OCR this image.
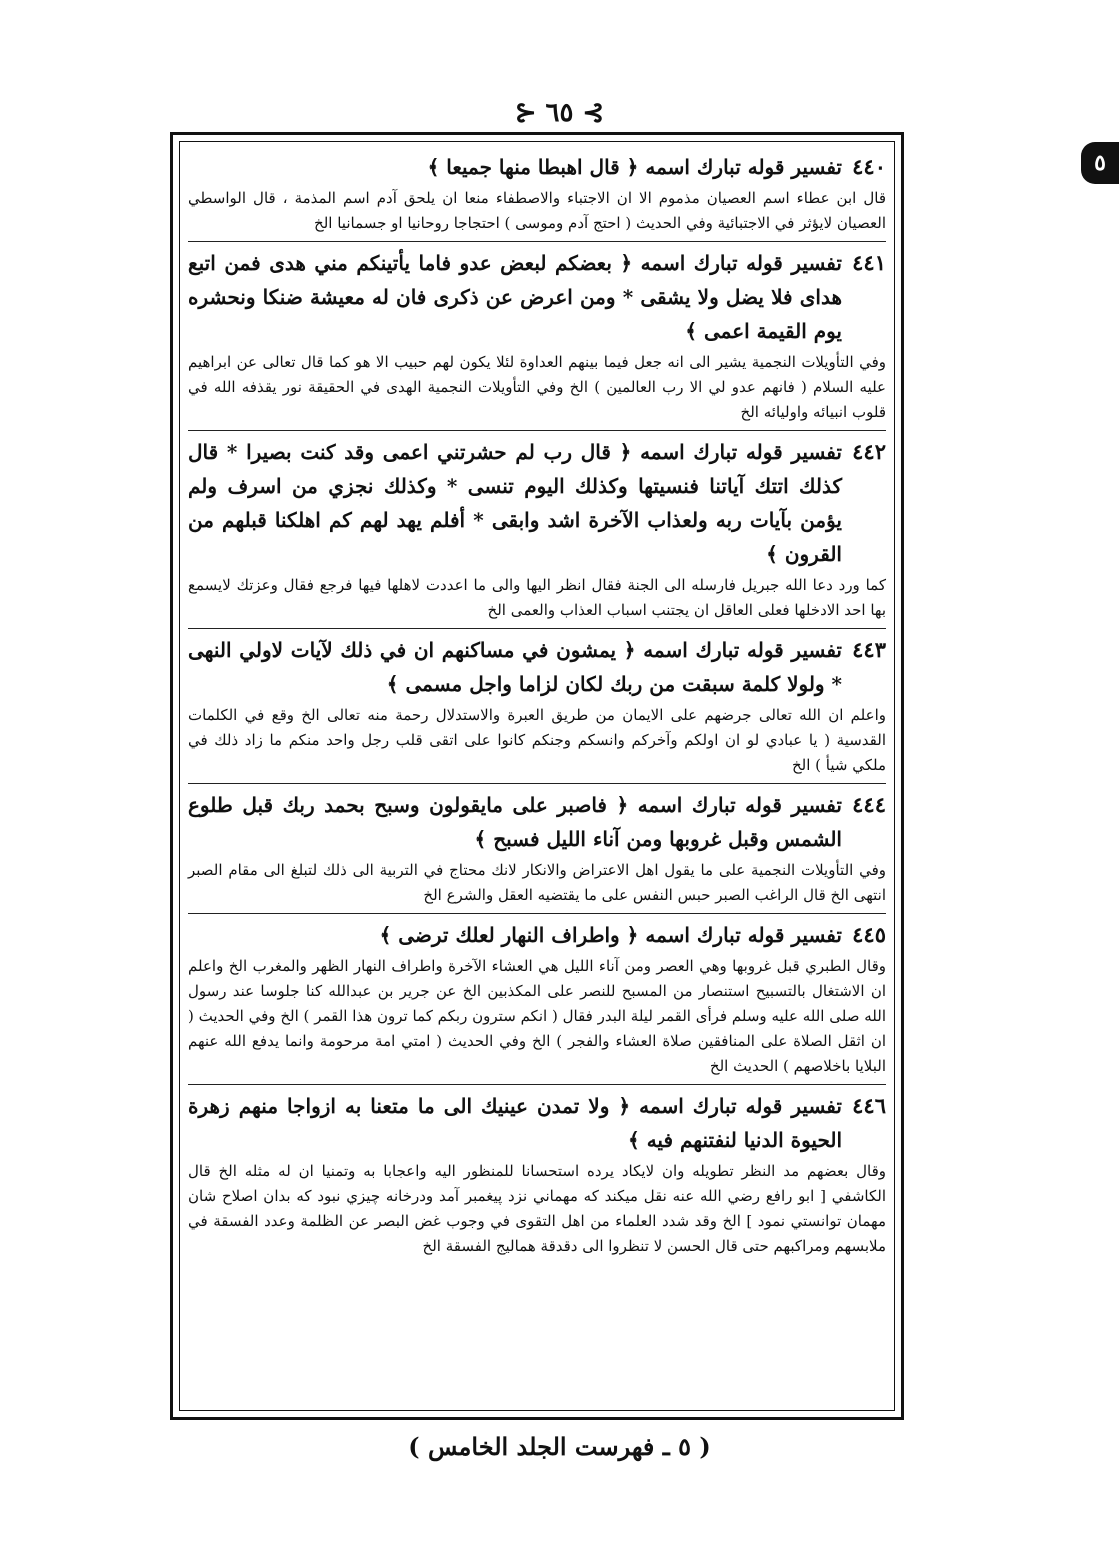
⊱ ٦٥ ⊰
٤٤٠
تفسير قوله تبارك اسمه ﴿ قال اهبطا منها جميعا ﴾
قال ابن عطاء اسم العصيان مذموم الا ان الاجتباء والاصطفاء منعا ان يلحق آدم اسم المذمة ، قال الواسطي العصيان لايؤثر في الاجتبائية وفي الحديث ( احتج آدم وموسى ) احتجاجا روحانيا او جسمانيا الخ
٤٤١
تفسير قوله تبارك اسمه ﴿ بعضكم لبعض عدو فاما يأتينكم مني هدى فمن اتبع هداى فلا يضل ولا يشقى * ومن اعرض عن ذكرى فان له معيشة ضنكا ونحشره يوم القيمة اعمى ﴾
وفي التأويلات النجمية يشير الى انه جعل فيما بينهم العداوة لئلا يكون لهم حبيب الا هو كما قال تعالى عن ابراهيم عليه السلام ( فانهم عدو لي الا رب العالمين ) الخ وفي التأويلات النجمية الهدى في الحقيقة نور يقذفه الله في قلوب انبيائه واوليائه الخ
٤٤٢
تفسير قوله تبارك اسمه ﴿ قال رب لم حشرتني اعمى وقد كنت بصيرا * قال كذلك اتتك آياتنا فنسيتها وكذلك اليوم تنسى * وكذلك نجزي من اسرف ولم يؤمن بآيات ربه ولعذاب الآخرة اشد وابقى * أفلم يهد لهم كم اهلكنا قبلهم من القرون ﴾
كما ورد دعا الله جبريل فارسله الى الجنة فقال انظر اليها والى ما اعددت لاهلها فيها فرجع فقال وعزتك لايسمع بها احد الادخلها فعلى العاقل ان يجتنب اسباب العذاب والعمى الخ
٤٤٣
تفسير قوله تبارك اسمه ﴿ يمشون في مساكنهم ان في ذلك لآيات لاولي النهى * ولولا كلمة سبقت من ربك لكان لزاما واجل مسمى ﴾
واعلم ان الله تعالى جرضهم على الايمان من طريق العبرة والاستدلال رحمة منه تعالى الخ وقع في الكلمات القدسية ( يا عبادي لو ان اولكم وآخركم وانسكم وجنكم كانوا على اتقى قلب رجل واحد منكم ما زاد ذلك في ملكي شيأ ) الخ
٤٤٤
تفسير قوله تبارك اسمه ﴿ فاصبر على مايقولون وسبح بحمد ربك قبل طلوع الشمس وقبل غروبها ومن آناء الليل فسبح ﴾
وفي التأويلات النجمية على ما يقول اهل الاعتراض والانكار لانك محتاج في التربية الى ذلك لتبلغ الى مقام الصبر انتهى الخ قال الراغب الصبر حبس النفس على ما يقتضيه العقل والشرع الخ
٤٤٥
تفسير قوله تبارك اسمه ﴿ واطراف النهار لعلك ترضى ﴾
وقال الطبري قبل غروبها وهي العصر ومن آناء الليل هي العشاء الآخرة واطراف النهار الظهر والمغرب الخ واعلم ان الاشتغال بالتسبيح استنصار من المسبح للنصر على المكذبين الخ عن جرير بن عبدالله كنا جلوسا عند رسول الله صلى الله عليه وسلم فرأى القمر ليلة البدر فقال ( انكم سترون ربكم كما ترون هذا القمر ) الخ وفي الحديث ( ان اثقل الصلاة على المنافقين صلاة العشاء والفجر ) الخ وفي الحديث ( امتي امة مرحومة وانما يدفع الله عنهم البلايا باخلاصهم ) الحديث الخ
٤٤٦
تفسير قوله تبارك اسمه ﴿ ولا تمدن عينيك الى ما متعنا به ازواجا منهم زهرة الحيوة الدنيا لنفتنهم فيه ﴾
وقال بعضهم مد النظر تطويله وان لايكاد يرده استحسانا للمنظور اليه واعجابا به وتمنيا ان له مثله الخ قال الكاشفي [ ابو رافع رضي الله عنه نقل ميكند كه مهماني نزد پيغمبر آمد ودرخانه چيزي نبود كه بدان اصلاح شان مهمان توانستي نمود ] الخ وقد شدد العلماء من اهل التقوى في وجوب غض البصر عن الظلمة وعدد الفسقة في ملابسهم ومراكبهم حتى قال الحسن لا تنظروا الى دقدقة هماليج الفسقة الخ
٥
( ٥ ـ فهرست الجلد الخامس )
